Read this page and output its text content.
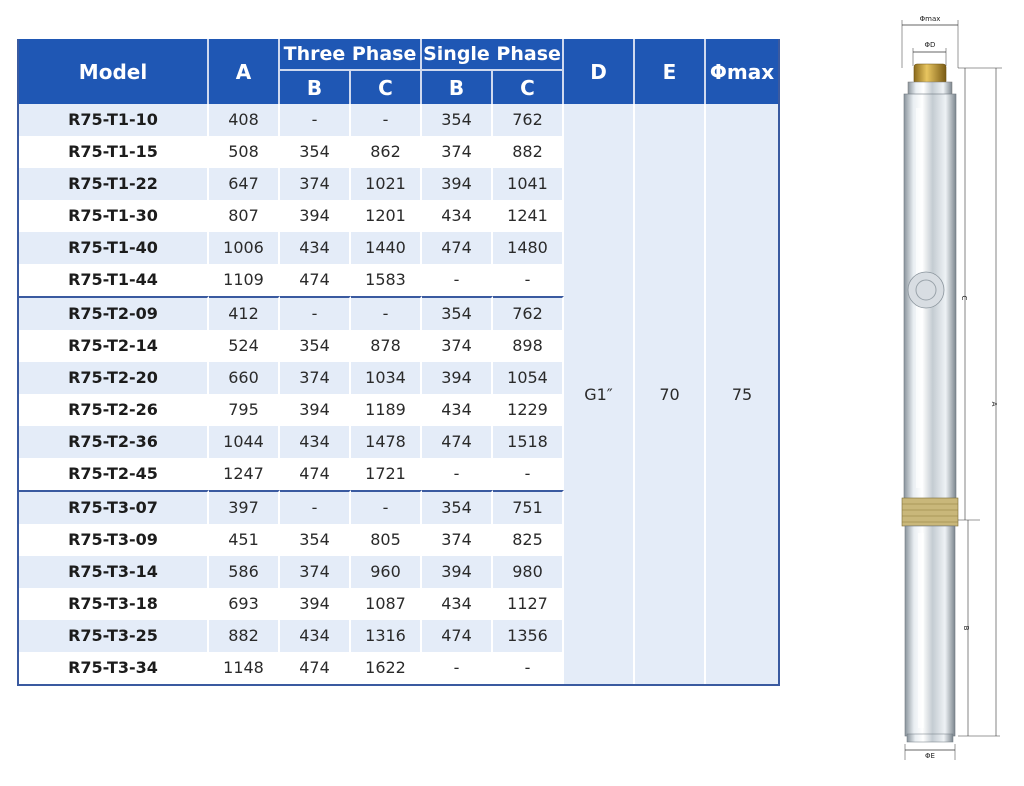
Model	A	Three Phase		Single Phase		D	E	Φmax
		B	C	B	C			
R75-T1-10	408	-	-	354	762	G1″	70	75
R75-T1-15	508	354	862	374	882			
R75-T1-22	647	374	1021	394	1041			
R75-T1-30	807	394	1201	434	1241			
R75-T1-40	1006	434	1440	474	1480			
R75-T1-44	1109	474	1583	-	-			
R75-T2-09	412	-	-	354	762			
R75-T2-14	524	354	878	374	898			
R75-T2-20	660	374	1034	394	1054			
R75-T2-26	795	394	1189	434	1229			
R75-T2-36	1044	434	1478	474	1518			
R75-T2-45	1247	474	1721	-	-			
R75-T3-07	397	-	-	354	751			
R75-T3-09	451	354	805	374	825			
R75-T3-14	586	374	960	394	980			
R75-T3-18	693	394	1087	434	1127			
R75-T3-25	882	434	1316	474	1356			
R75-T3-34	1148	474	1622	-	-			
Φmax
ΦD
ΦE
C
B
A
